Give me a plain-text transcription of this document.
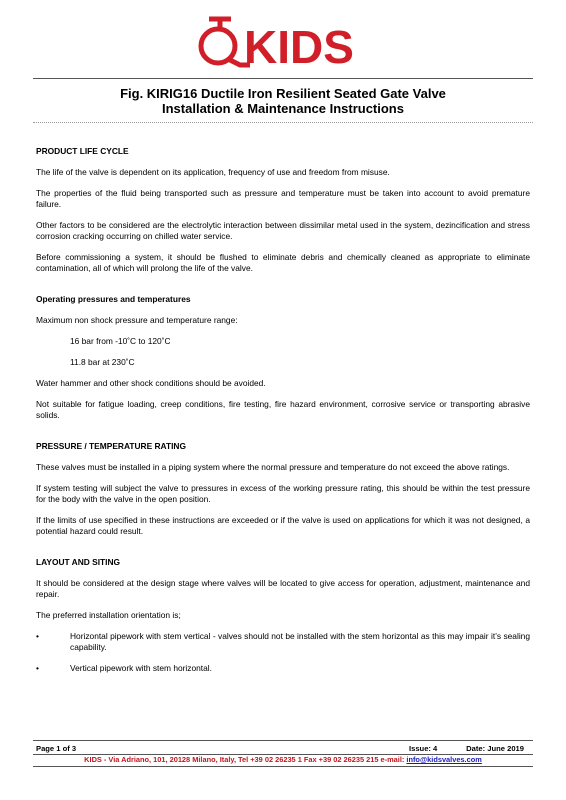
KIDS
Fig. KIRIG16 Ductile Iron Resilient Seated Gate Valve
Installation & Maintenance Instructions
PRODUCT LIFE CYCLE

The life of the valve is dependent on its application, frequency of use and freedom from misuse.

The properties of the fluid being transported such as pressure and temperature must be taken into account to avoid premature failure.

Other factors to be considered are the electrolytic interaction between dissimilar metal used in the system, dezincification and stress corrosion cracking occurring on chilled water service.

Before commissioning a system, it should be flushed to eliminate debris and chemically cleaned as appropriate to eliminate contamination, all of which will prolong the life of the valve.

Operating pressures and temperatures

Maximum non shock pressure and temperature range:

16 bar from -10˚C to 120˚C

11.8 bar at 230˚C

Water hammer and other shock conditions should be avoided.

Not suitable for fatigue loading, creep conditions, fire testing, fire hazard environment, corrosive service or transporting abrasive solids.

PRESSURE / TEMPERATURE RATING

These valves must be installed in a piping system where the normal pressure and temperature do not exceed the above ratings.

If system testing will subject the valve to pressures in excess of the working pressure rating, this should be within the test pressure for the body with the valve in the open position.

If the limits of use specified in these instructions are exceeded or if the valve is used on applications for which it was not designed, a potential hazard could result.

LAYOUT AND SITING

It should be considered at the design stage where valves will be located to give access for operation, adjustment, maintenance and repair.

The preferred installation orientation is;

•	Horizontal pipework with stem vertical - valves should not be installed with the stem horizontal as this may impair it’s sealing capability.
•	Vertical pipework with stem horizontal.
Page 1 of 3	Issue: 4	Date: June 2019
KIDS - Via Adriano, 101, 20128 Milano, Italy, Tel +39 02 26235 1 Fax +39 02 26235 215 e-mail: info@kidsvalves.com
